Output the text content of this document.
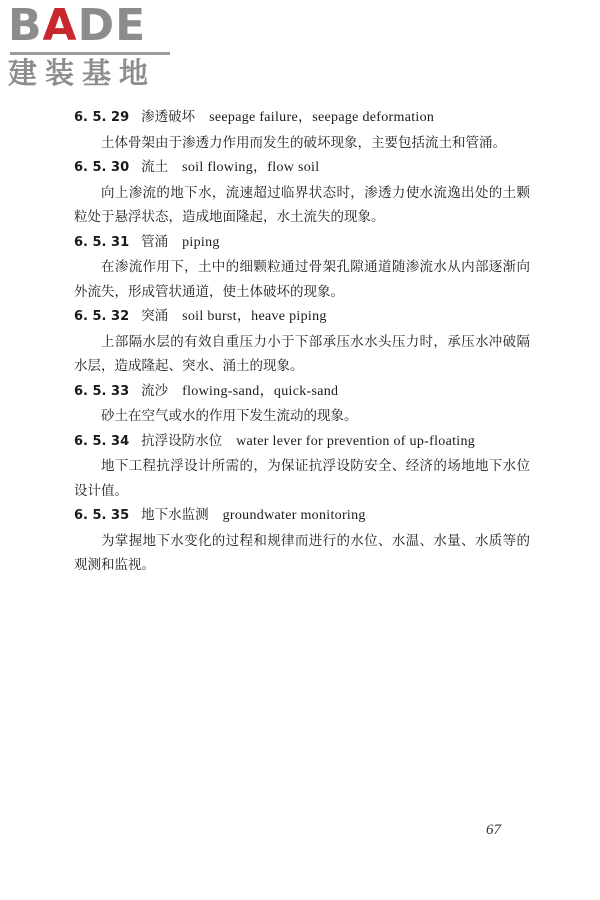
BADE
建装基地
6. 5. 29 渗透破坏 seepage failure，seepage deformation
土体骨架由于渗透力作用而发生的破坏现象，主要包括流土和管涌。
6. 5. 30 流土 soil flowing，flow soil
向上渗流的地下水，流速超过临界状态时，渗透力使水流逸出处的土颗粒处于悬浮状态，造成地面隆起，水土流失的现象。
6. 5. 31 管涌 piping
在渗流作用下，土中的细颗粒通过骨架孔隙通道随渗流水从内部逐渐向外流失，形成管状通道，使土体破坏的现象。
6. 5. 32 突涌 soil burst，heave piping
上部隔水层的有效自重压力小于下部承压水水头压力时，承压水冲破隔水层，造成隆起、突水、涌土的现象。
6. 5. 33 流沙 flowing-sand，quick-sand
砂土在空气或水的作用下发生流动的现象。
6. 5. 34 抗浮设防水位 water lever for prevention of up-floating
地下工程抗浮设计所需的，为保证抗浮设防安全、经济的场地地下水位设计值。
6. 5. 35 地下水监测 groundwater monitoring
为掌握地下水变化的过程和规律而进行的水位、水温、水量、水质等的观测和监视。
67
